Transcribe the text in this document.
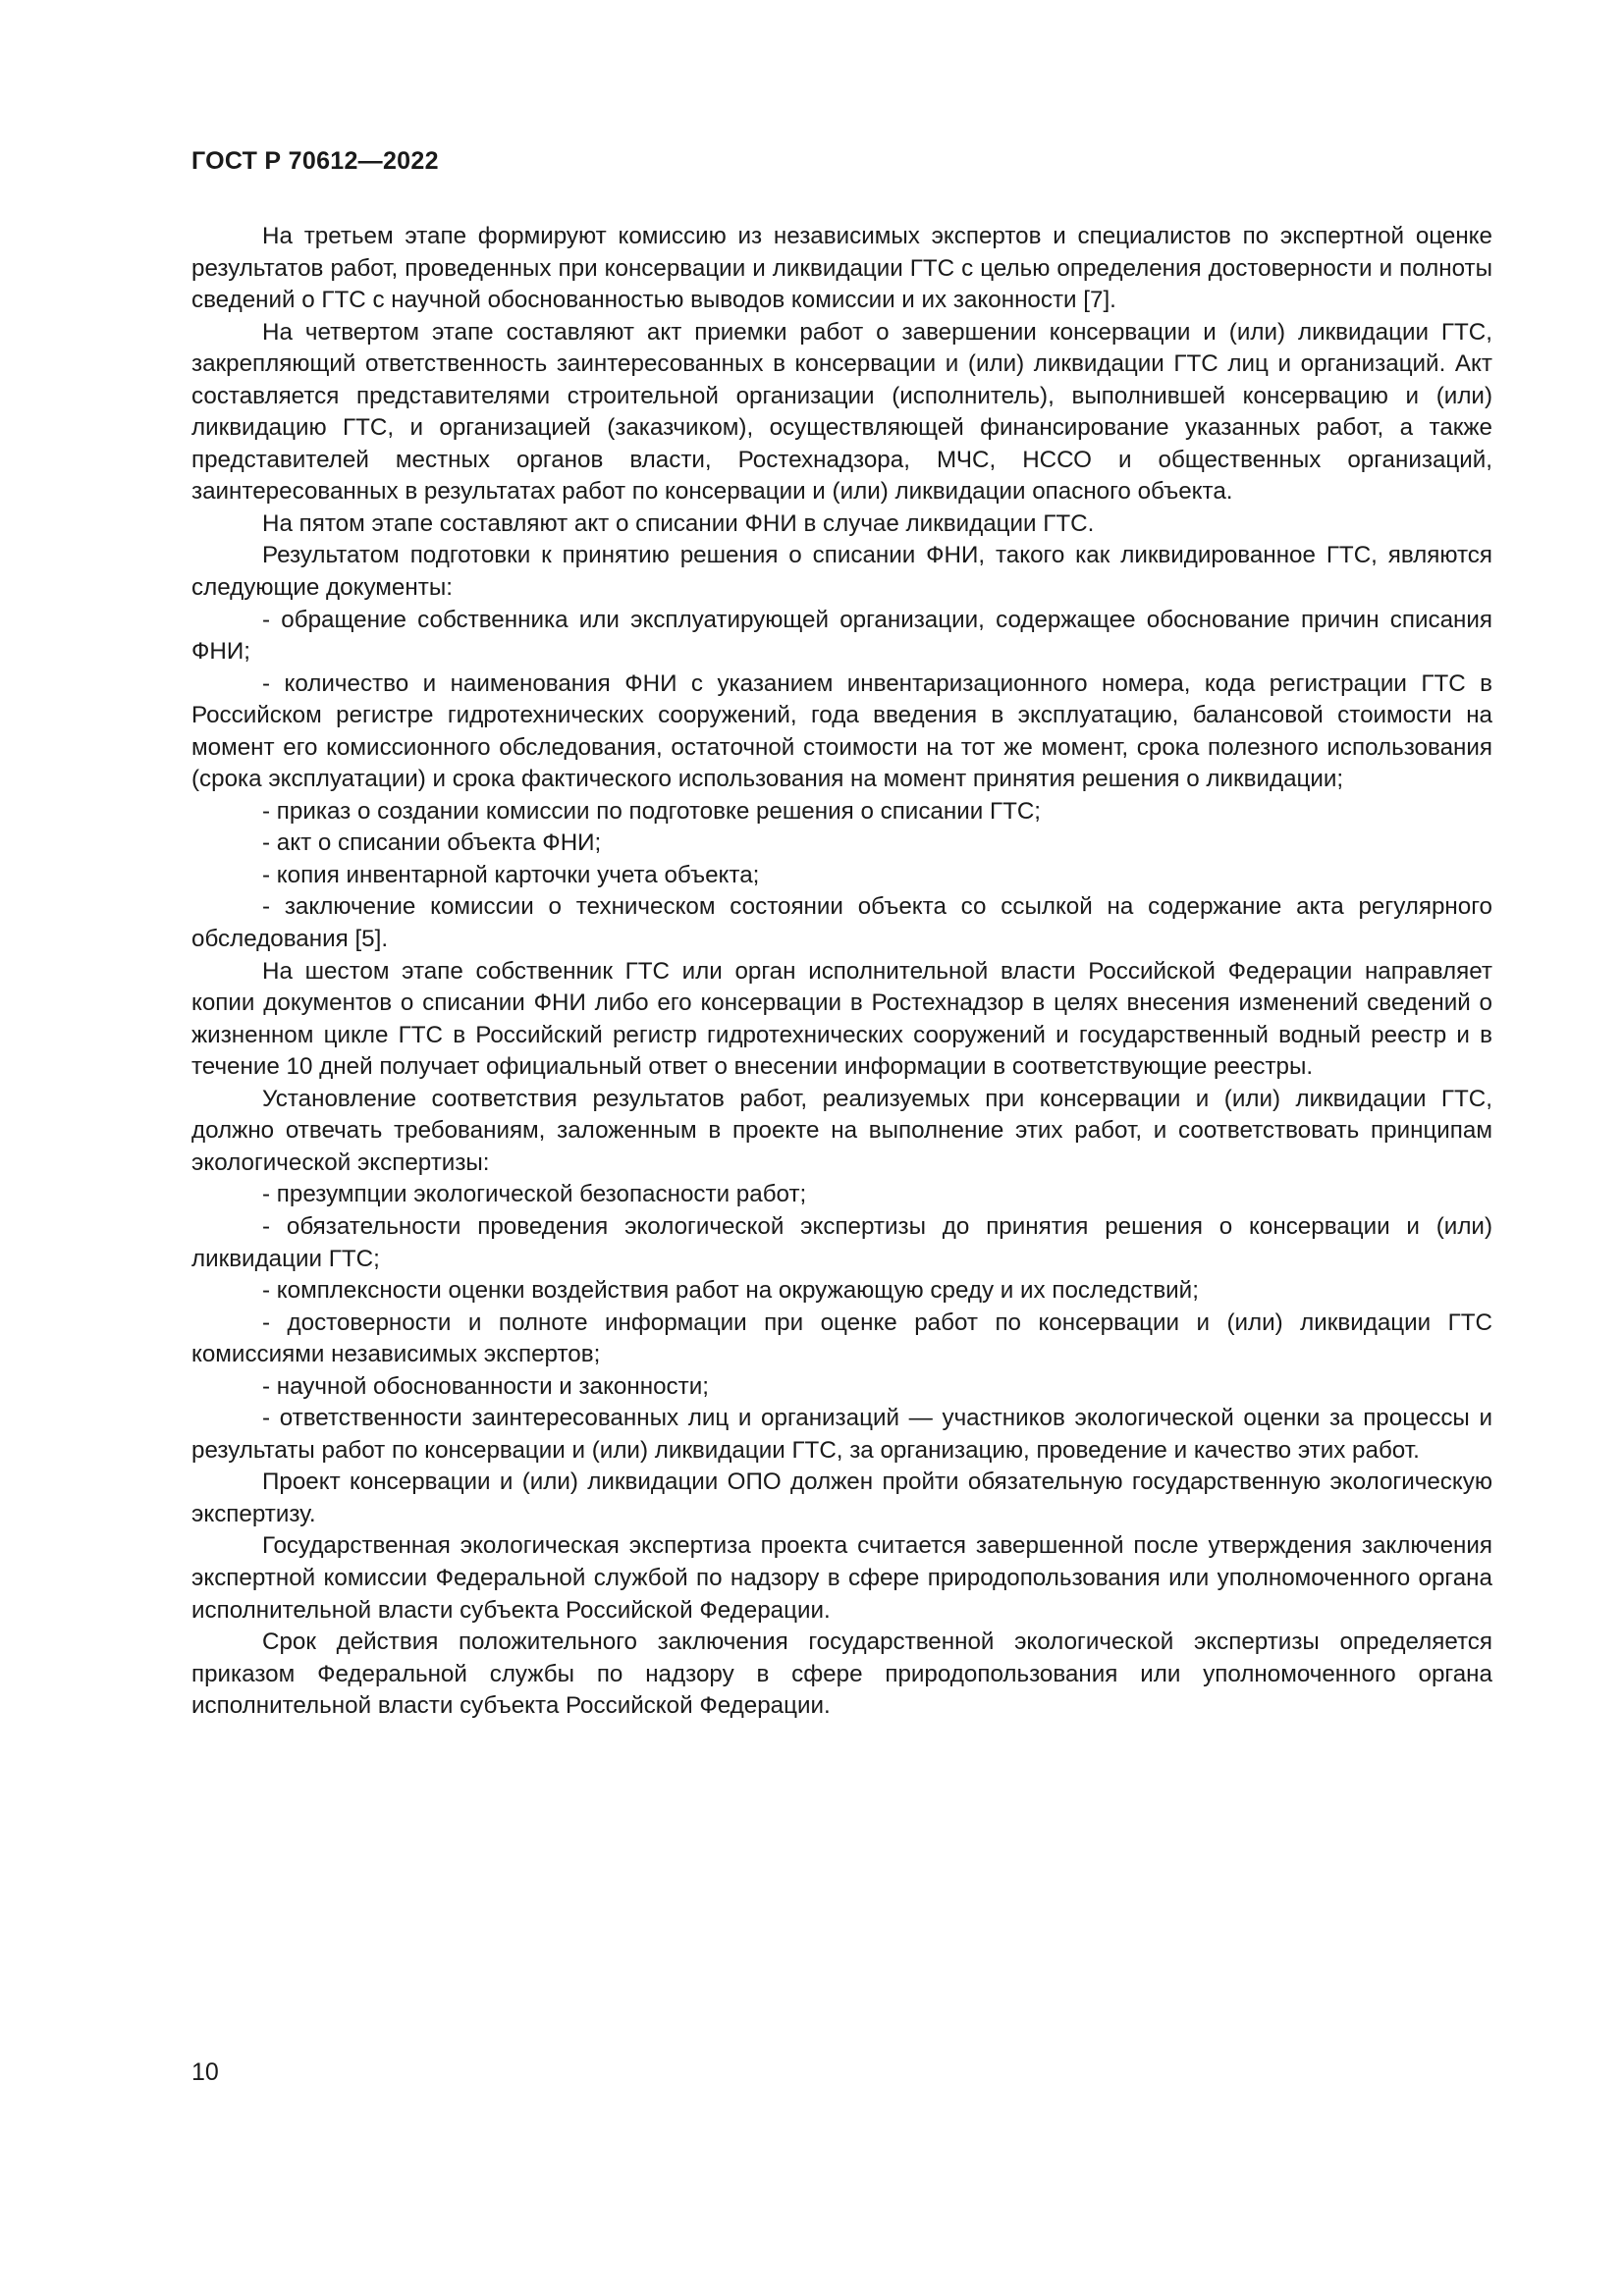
ГОСТ Р 70612—2022

На третьем этапе формируют комиссию из независимых экспертов и специалистов по экспертной оценке результатов работ, проведенных при консервации и ликвидации ГТС с целью определения достоверности и полноты сведений о ГТС с научной обоснованностью выводов комиссии и их законности [7].

На четвертом этапе составляют акт приемки работ о завершении консервации и (или) ликвидации ГТС, закрепляющий ответственность заинтересованных в консервации и (или) ликвидации ГТС лиц и организаций. Акт составляется представителями строительной организации (исполнитель), выполнившей консервацию и (или) ликвидацию ГТС, и организацией (заказчиком), осуществляющей финансирование указанных работ, а также представителей местных органов власти, Ростехнадзора, МЧС, НССО и общественных организаций, заинтересованных в результатах работ по консервации и (или) ликвидации опасного объекта.

На пятом этапе составляют акт о списании ФНИ в случае ликвидации ГТС.

Результатом подготовки к принятию решения о списании ФНИ, такого как ликвидированное ГТС, являются следующие документы:

- обращение собственника или эксплуатирующей организации, содержащее обоснование причин списания ФНИ;

- количество и наименования ФНИ с указанием инвентаризационного номера, кода регистрации ГТС в Российском регистре гидротехнических сооружений, года введения в эксплуатацию, балансовой стоимости на момент его комиссионного обследования, остаточной стоимости на тот же момент, срока полезного использования (срока эксплуатации) и срока фактического использования на момент принятия решения о ликвидации;

- приказ о создании комиссии по подготовке решения о списании ГТС;

- акт о списании объекта ФНИ;

- копия инвентарной карточки учета объекта;

- заключение комиссии о техническом состоянии объекта со ссылкой на содержание акта регулярного обследования [5].

На шестом этапе собственник ГТС или орган исполнительной власти Российской Федерации направляет копии документов о списании ФНИ либо его консервации в Ростехнадзор в целях внесения изменений сведений о жизненном цикле ГТС в Российский регистр гидротехнических сооружений и государственный водный реестр и в течение 10 дней получает официальный ответ о внесении информации в соответствующие реестры.

Установление соответствия результатов работ, реализуемых при консервации и (или) ликвидации ГТС, должно отвечать требованиям, заложенным в проекте на выполнение этих работ, и соответствовать принципам экологической экспертизы:

- презумпции экологической безопасности работ;

- обязательности проведения экологической экспертизы до принятия решения о консервации и (или) ликвидации ГТС;

- комплексности оценки воздействия работ на окружающую среду и их последствий;

- достоверности и полноте информации при оценке работ по консервации и (или) ликвидации ГТС комиссиями независимых экспертов;

- научной обоснованности и законности;

- ответственности заинтересованных лиц и организаций — участников экологической оценки за процессы и результаты работ по консервации и (или) ликвидации ГТС, за организацию, проведение и качество этих работ.

Проект консервации и (или) ликвидации ОПО должен пройти обязательную государственную экологическую экспертизу.

Государственная экологическая экспертиза проекта считается завершенной после утверждения заключения экспертной комиссии Федеральной службой по надзору в сфере природопользования или уполномоченного органа исполнительной власти субъекта Российской Федерации.

Срок действия положительного заключения государственной экологической экспертизы определяется приказом Федеральной службы по надзору в сфере природопользования или уполномоченного органа исполнительной власти субъекта Российской Федерации.

10
